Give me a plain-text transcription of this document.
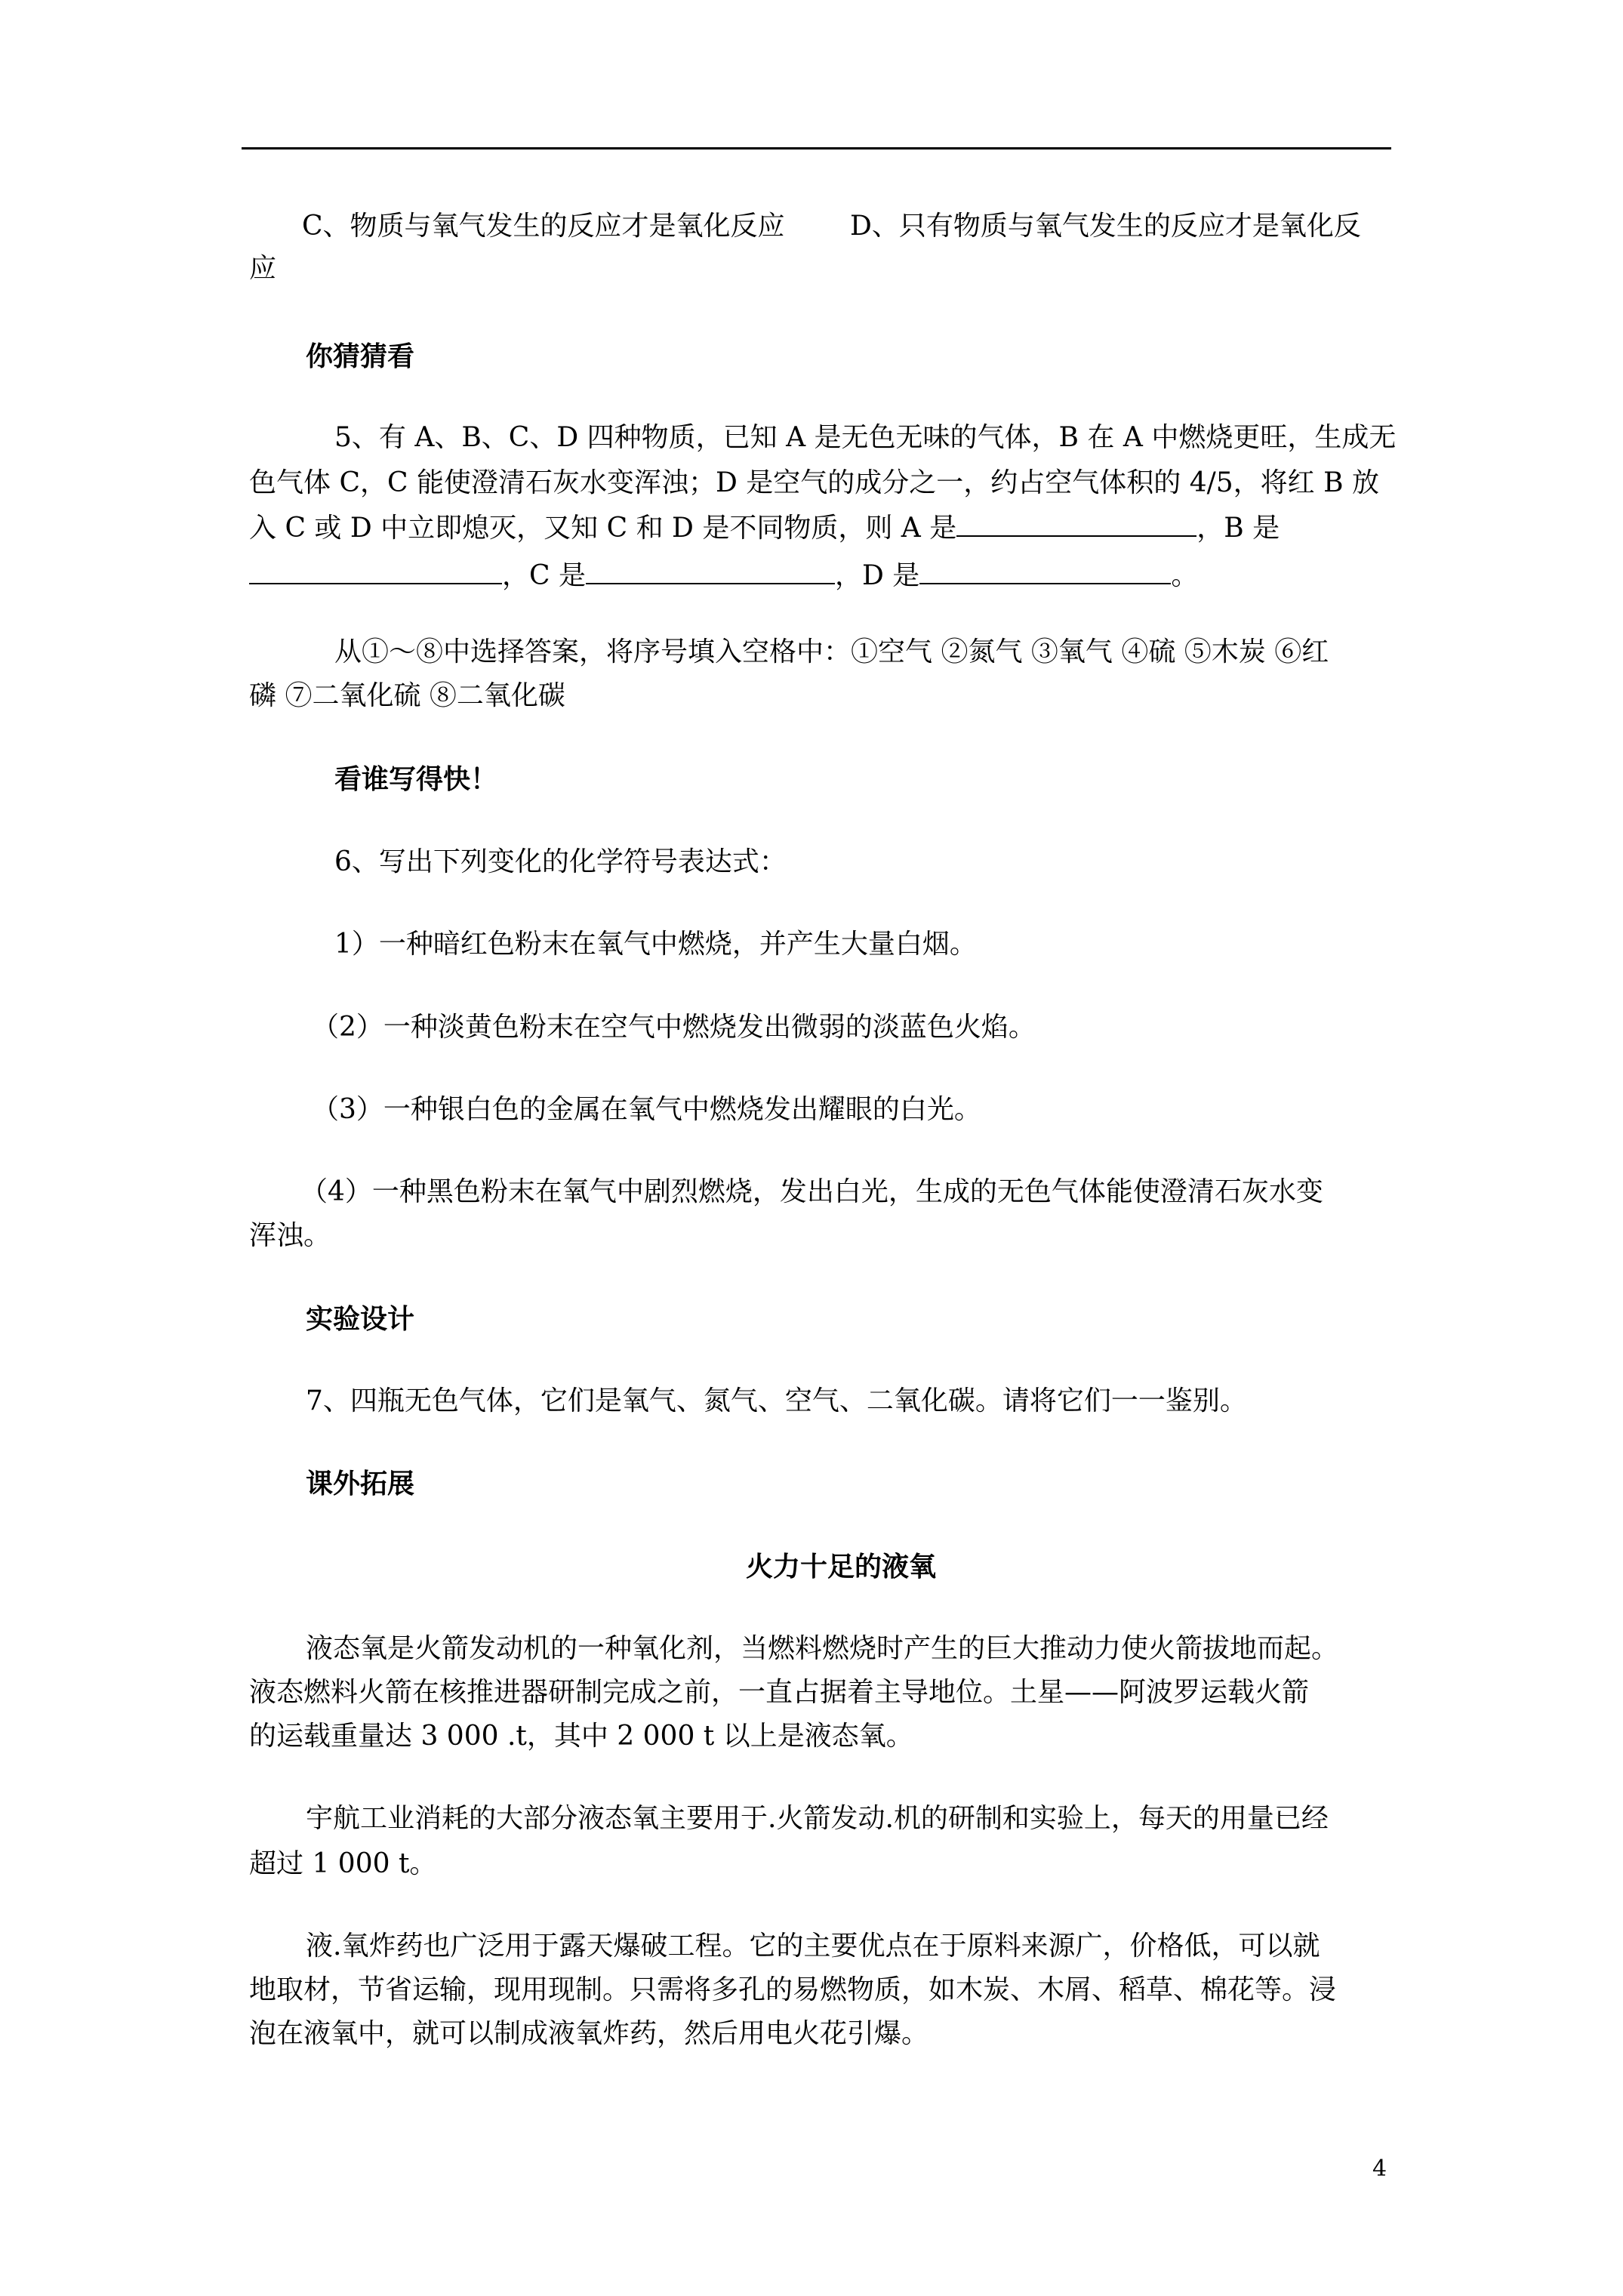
C、物质与氧气发生的反应才是氧化反应 D、只有物质与氧气发生的反应才是氧化反
应
你猜猜看
5、有 A、B、C、D 四种物质，已知 A 是无色无味的气体，B 在 A 中燃烧更旺，生成无
色气体 C，C 能使澄清石灰水变浑浊；D 是空气的成分之一，约占空气体积的 4/5，将红 B 放
入 C 或 D 中立即熄灭，又知 C 和 D 是不同物质，则 A 是	，B 是
，C 是	，D 是	。
从①～⑧中选择答案，将序号填入空格中：①空气 ②氮气 ③氧气 ④硫 ⑤木炭 ⑥红
磷 ⑦二氧化硫 ⑧二氧化碳
看谁写得快！
6、写出下列变化的化学符号表达式：
1）一种暗红色粉末在氧气中燃烧，并产生大量白烟。
（2）一种淡黄色粉末在空气中燃烧发出微弱的淡蓝色火焰。
（3）一种银白色的金属在氧气中燃烧发出耀眼的白光。
（4）一种黑色粉末在氧气中剧烈燃烧，发出白光，生成的无色气体能使澄清石灰水变
浑浊。
实验设计
7、四瓶无色气体，它们是氧气、氮气、空气、二氧化碳。请将它们一一鉴别。
课外拓展
火力十足的液氧
液态氧是火箭发动机的一种氧化剂，当燃料燃烧时产生的巨大推动力使火箭拔地而起。
液态燃料火箭在核推进器研制完成之前，一直占据着主导地位。土星——阿波罗运载火箭
的运载重量达 3 000 .t，其中 2 000 t 以上是液态氧。
宇航工业消耗的大部分液态氧主要用于.火箭发动.机的研制和实验上，每天的用量已经
超过 1 000 t。
液.氧炸药也广泛用于露天爆破工程。它的主要优点在于原料来源广，价格低，可以就
地取材，节省运输，现用现制。只需将多孔的易燃物质，如木炭、木屑、稻草、棉花等。浸
泡在液氧中，就可以制成液氧炸药，然后用电火花引爆。
4
